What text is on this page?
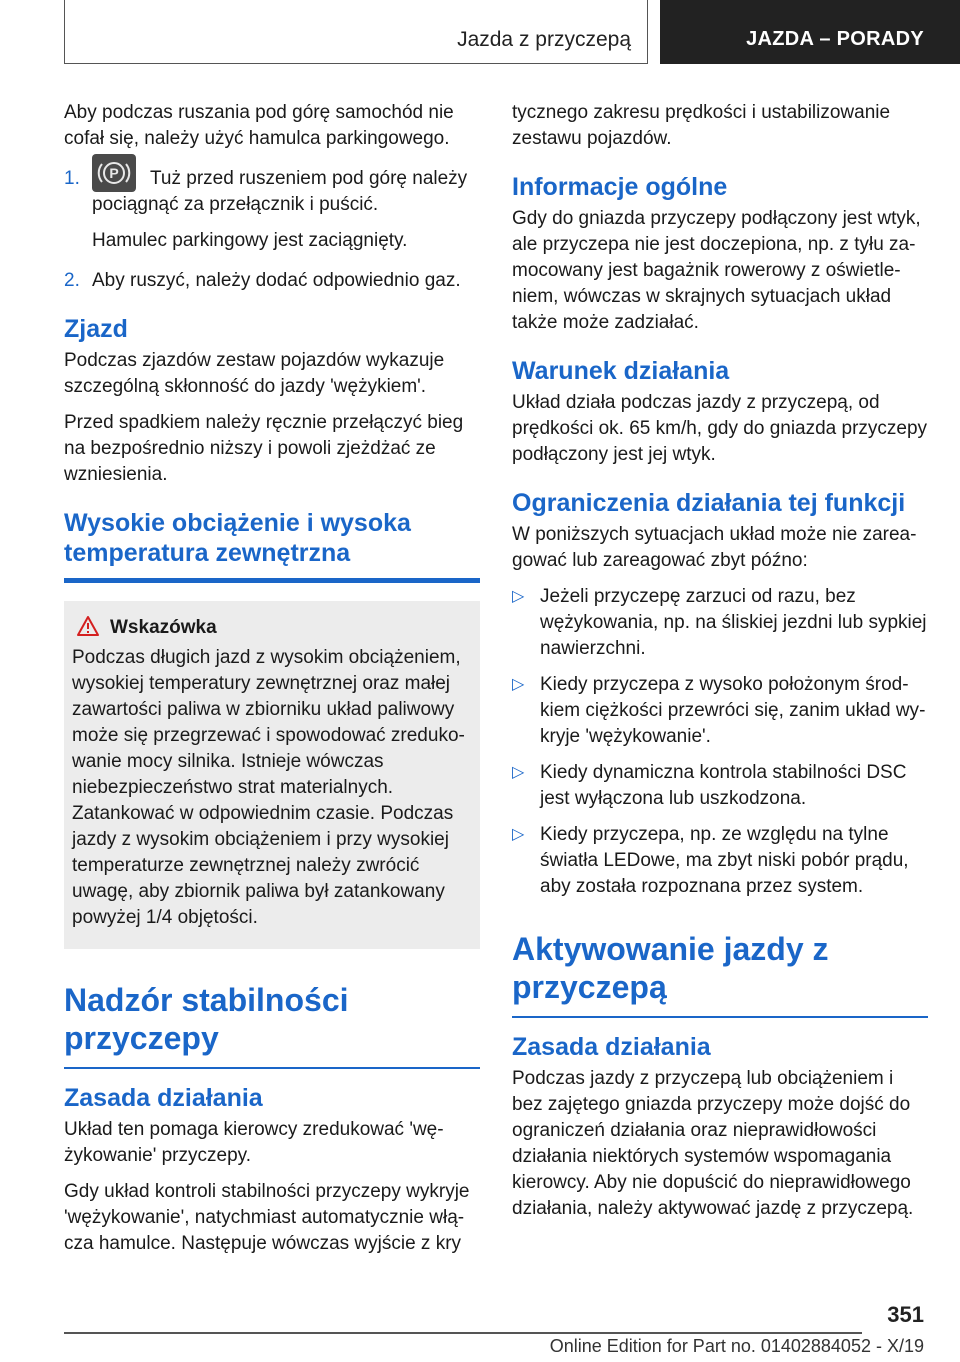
Jazda z przyczepą	JAZDA – PORADY

Aby podczas ruszania pod górę samochód nie cofał się, należy użyć hamulca parkingowego.

1. P Tuż przed ruszeniem pod górę należy pociągnąć za przełącznik i puścić.
Hamulec parkingowy jest zaciągnięty.
2. Aby ruszyć, należy dodać odpowiednio gaz.
Zjazd

Podczas zjazdów zestaw pojazdów wykazuje szczególną skłonność do jazdy 'wężykiem'.

Przed spadkiem należy ręcznie przełączyć bieg na bezpośrednio niższy i powoli zjeżdżać ze wzniesienia.

Wysokie obciążenie i wysoka temperatura zewnętrzna
Wskazówka

Podczas długich jazd z wysokim obciążeniem, wysokiej temperatury zewnętrznej oraz małej zawartości paliwa w zbiorniku układ paliwowy może się przegrzewać i spowodować zredukowanie mocy silnika. Istnieje wówczas niebezpieczeństwo strat materialnych. Zatankować w odpowiednim czasie. Podczas jazdy z wysokim obciążeniem i przy wysokiej temperaturze zewnętrznej należy zwrócić uwagę, aby zbiornik paliwa był zatankowany powyżej 1/4 objętości.

Nadzór stabilności przyczepy
Zasada działania

Układ ten pomaga kierowcy zredukować 'wężykowanie' przyczepy.

Gdy układ kontroli stabilności przyczepy wykryje 'wężykowanie', natychmiast automatycznie włącza hamulce. Następuje wówczas wyjście z kry

tycznego zakresu prędkości i ustabilizowanie zestawu pojazdów.

Informacje ogólne

Gdy do gniazda przyczepy podłączony jest wtyk, ale przyczepa nie jest doczepiona, np. z tyłu zamocowany jest bagażnik rowerowy z oświetleniem, wówczas w skrajnych sytuacjach układ także może zadziałać.

Warunek działania

Układ działa podczas jazdy z przyczepą, od prędkości ok. 65 km/h, gdy do gniazda przyczepy podłączony jest jej wtyk.

Ograniczenia działania tej funkcji

W poniższych sytuacjach układ może nie zareagować lub zareagować zbyt późno:

▷ Jeżeli przyczepę zarzuci od razu, bez wężykowania, np. na śliskiej jezdni lub sypkiej nawierzchni.
▷ Kiedy przyczepa z wysoko położonym środkiem ciężkości przewróci się, zanim układ wykryje 'wężykowanie'.
▷ Kiedy dynamiczna kontrola stabilności DSC jest wyłączona lub uszkodzona.
▷ Kiedy przyczepa, np. ze względu na tylne światła LEDowe, ma zbyt niski pobór prądu, aby została rozpoznana przez system.
Aktywowanie jazdy z przyczepą
Zasada działania

Podczas jazdy z przyczepą lub obciążeniem i bez zajętego gniazda przyczepy może dojść do ograniczeń działania oraz nieprawidłowości działania niektórych systemów wspomagania kierowcy. Aby nie dopuścić do nieprawidłowego działania, należy aktywować jazdę z przyczepą.

351
Online Edition for Part no. 01402884052 - X/19
